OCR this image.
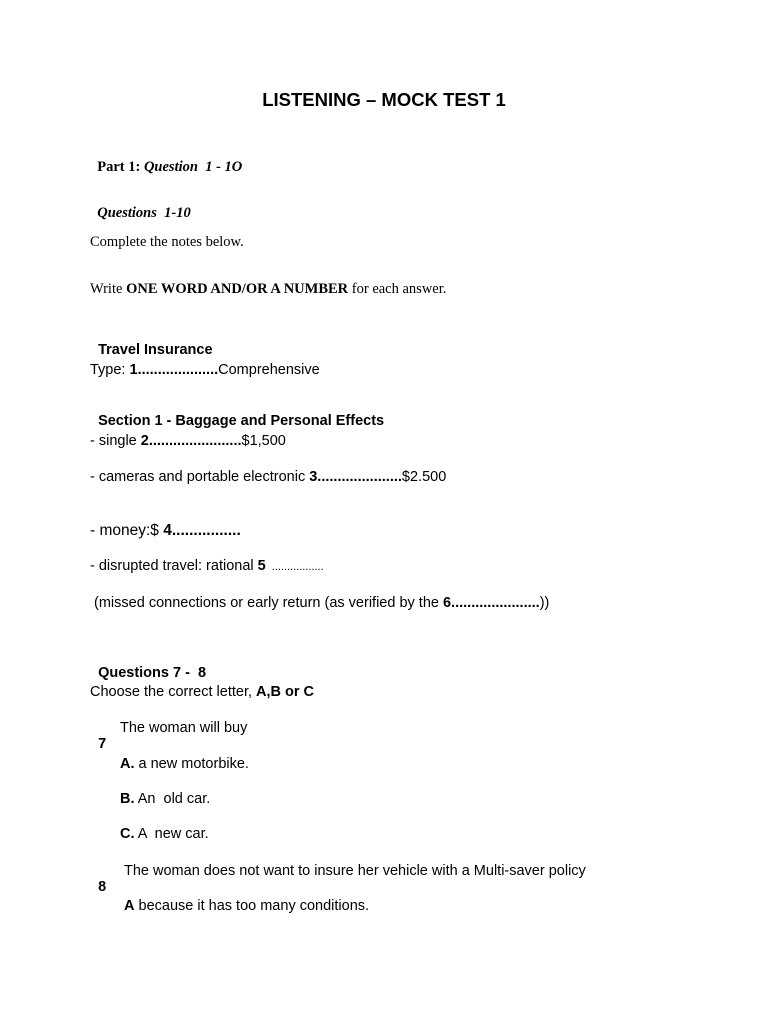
LISTENING – MOCK TEST 1

Part 1: Question  1 - 1O

Questions  1-10

Complete the notes below.
Write ONE WORD AND/OR A NUMBER for each answer.

Travel Insurance

Type: 1....................Comprehensive

Section 1 - Baggage and Personal Effects

- single 2.......................$1,500
- cameras and portable electronic 3.....................$2.500
- money:$ 4................
- disrupted travel: rational 5 .................
(missed connections or early return (as verified by the 6......................))

Questions 7 -  8

Choose the correct letter, A,B or C

7

The woman will buy
A. a new motorbike.
B. An  old car.
C. A  new car.

8

The woman does not want to insure her vehicle with a Multi-saver policy
A because it has too many conditions.
